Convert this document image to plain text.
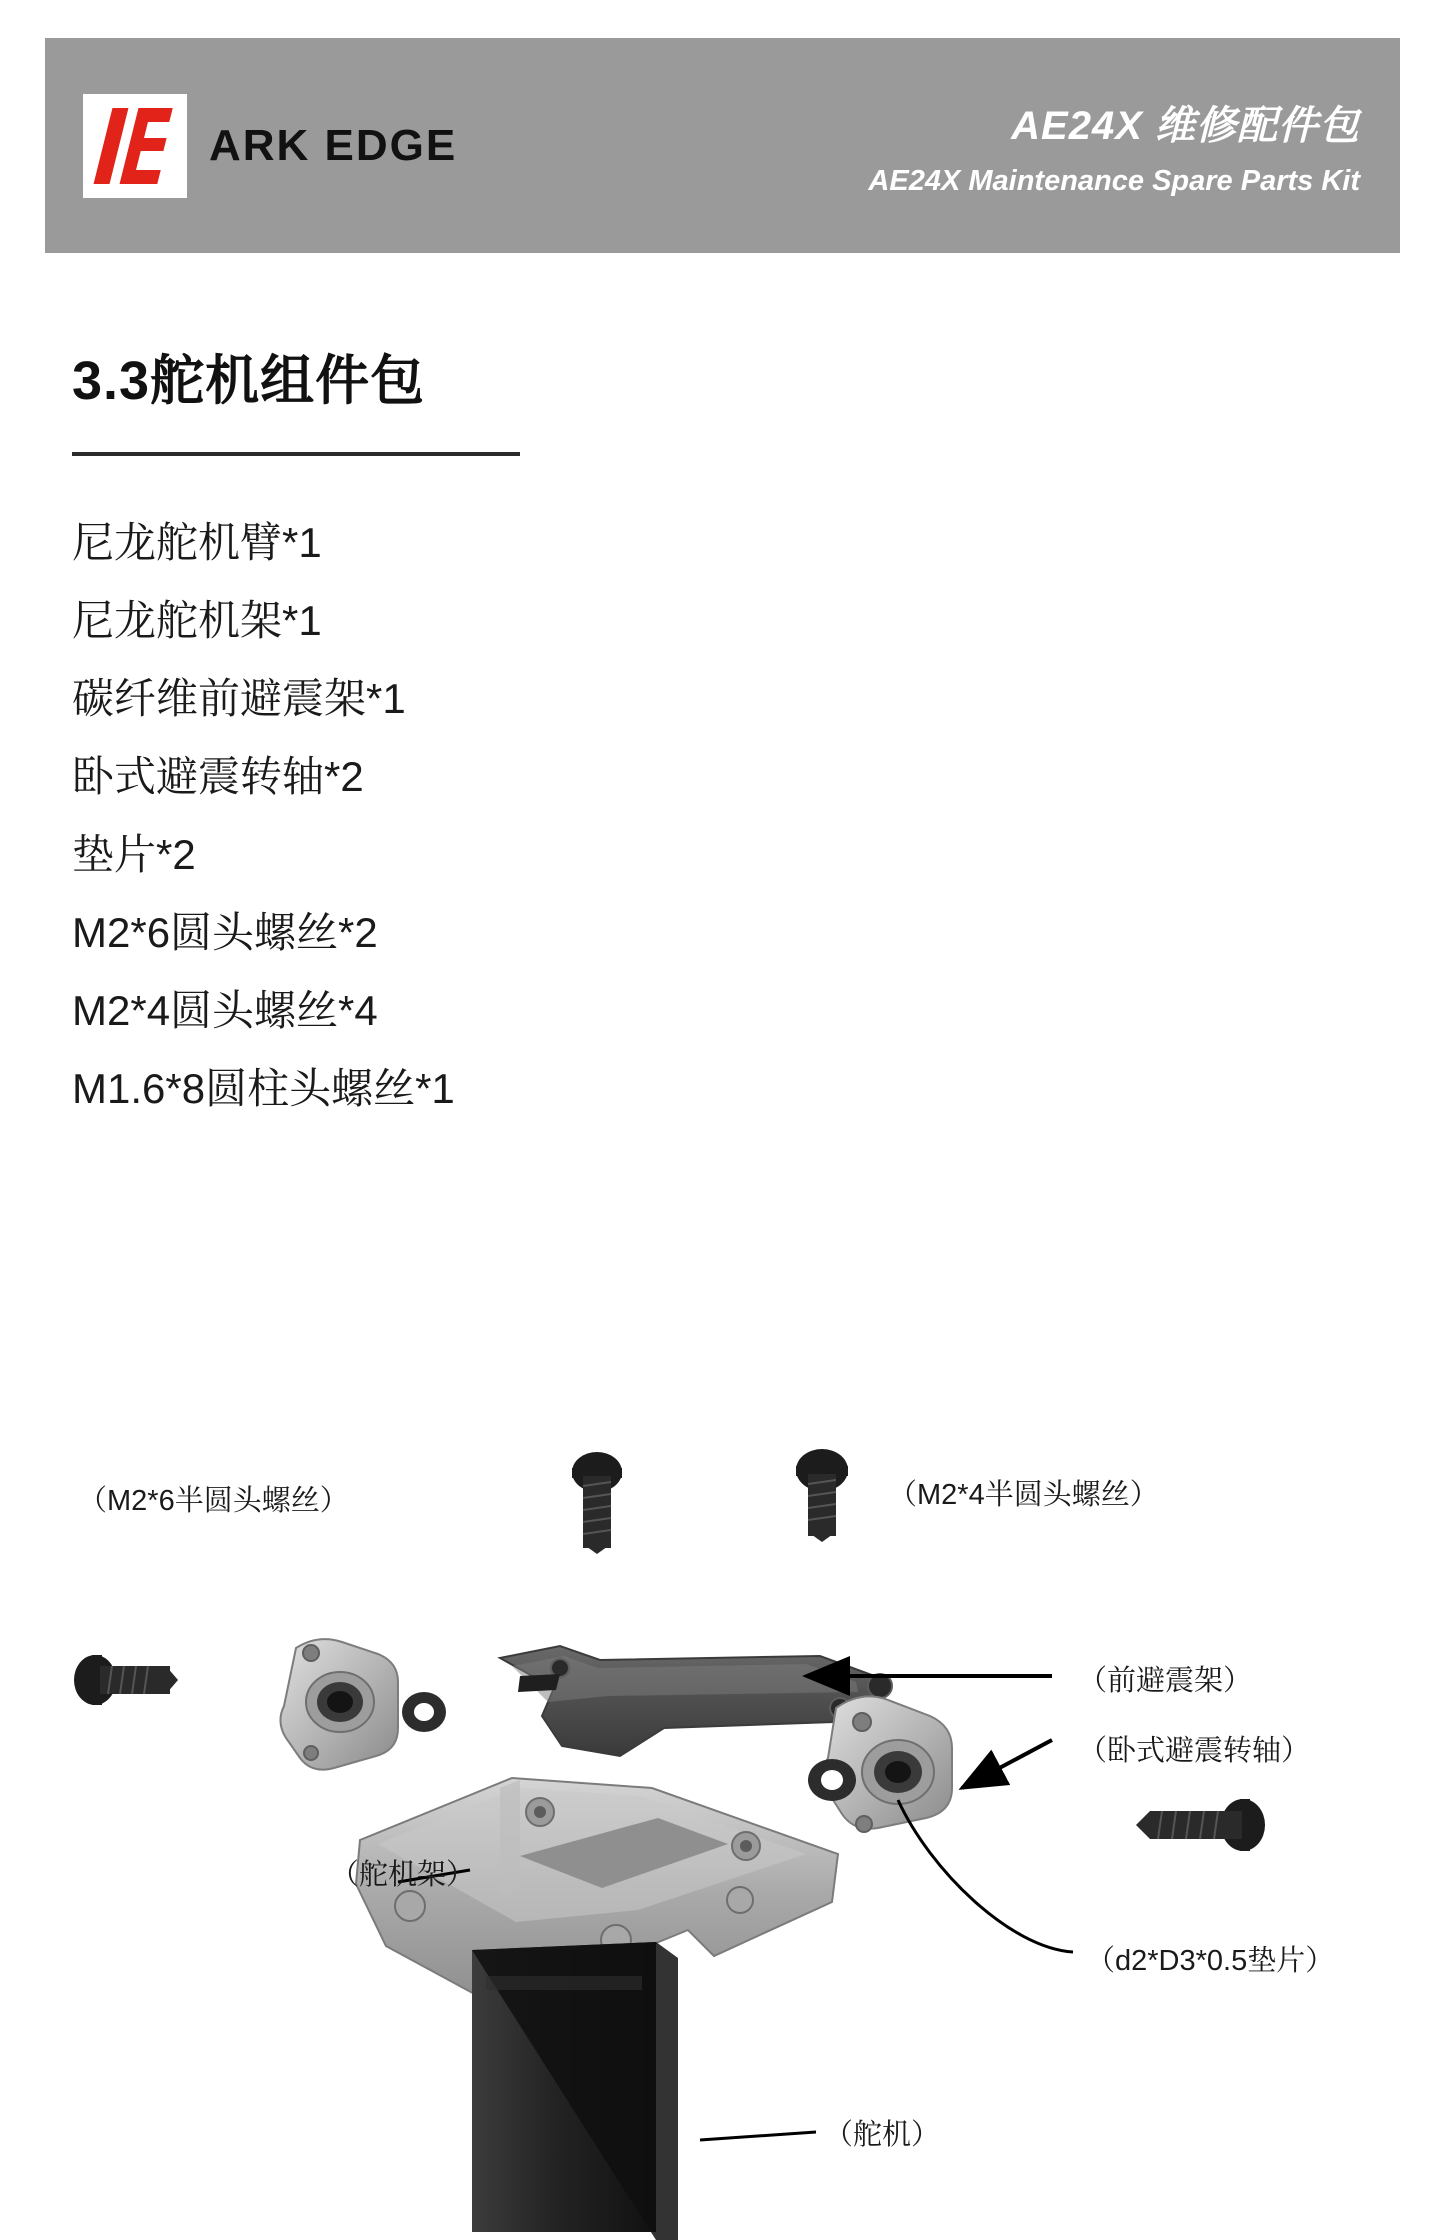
ARK EDGE	AE24X 维修配件包
AE24X Maintenance Spare Parts Kit
3.3舵机组件包
尼龙舵机臂*1
尼龙舵机架*1
碳纤维前避震架*1
卧式避震转轴*2
垫片*2
M2*6圆头螺丝*2
M2*4圆头螺丝*4
M1.6*8圆柱头螺丝*1
（M2*6半圆头螺丝）	（M2*4半圆头螺丝）
（前避震架）
（卧式避震转轴）
（d2*D3*0.5垫片）
（舵机架）
（舵机）
